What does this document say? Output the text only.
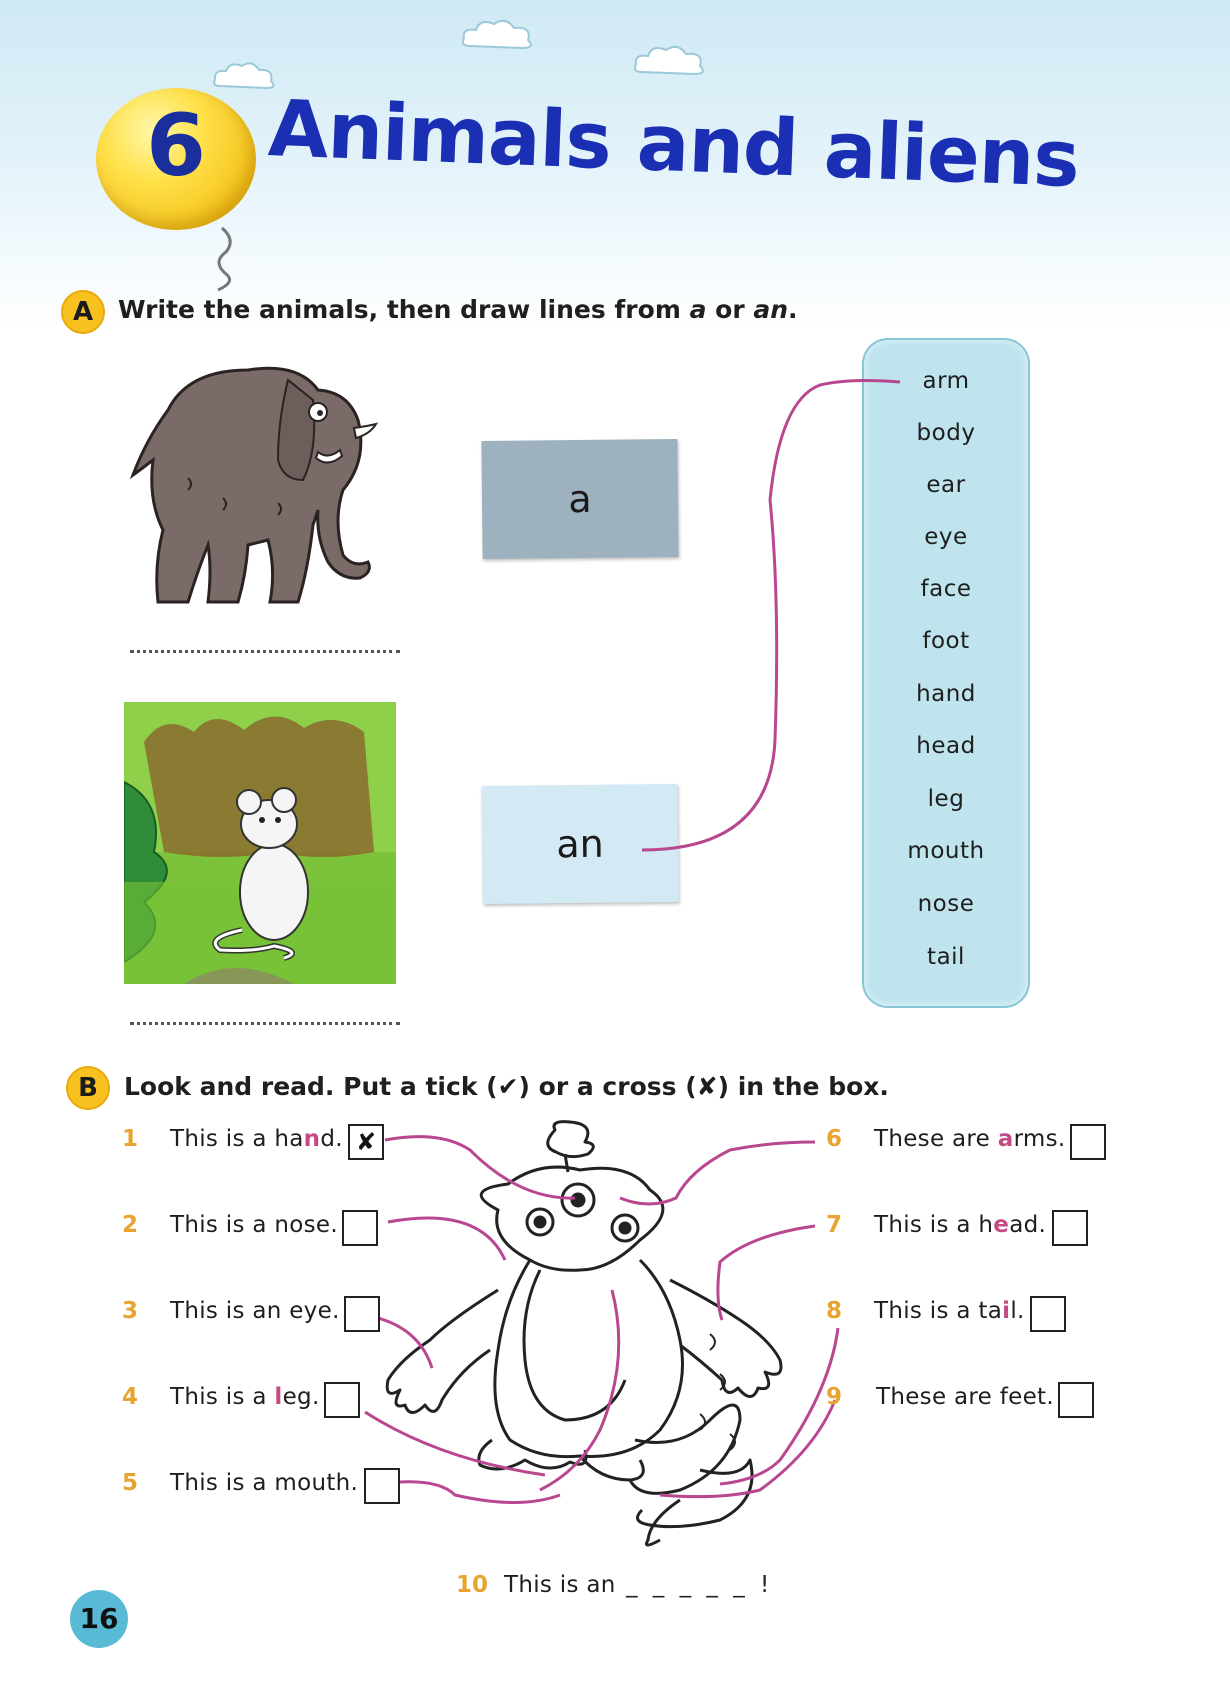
6 Animals and aliens
A Write the animals, then draw lines from a or an.
a
an
arm
body
ear
eye
face
foot
hand
head
leg
mouth
nose
tail
B	Look and read. Put a tick (✔) or a cross (✘) in the box.
1 This is a hand. ✘
2 This is a nose.
3 This is an eye.
4 This is a leg.
5 This is a mouth.
6 These are arms.
7 This is a head.
8 This is a tail.
9 These are feet.
10 This is an _ _ _ _ _ !
16
